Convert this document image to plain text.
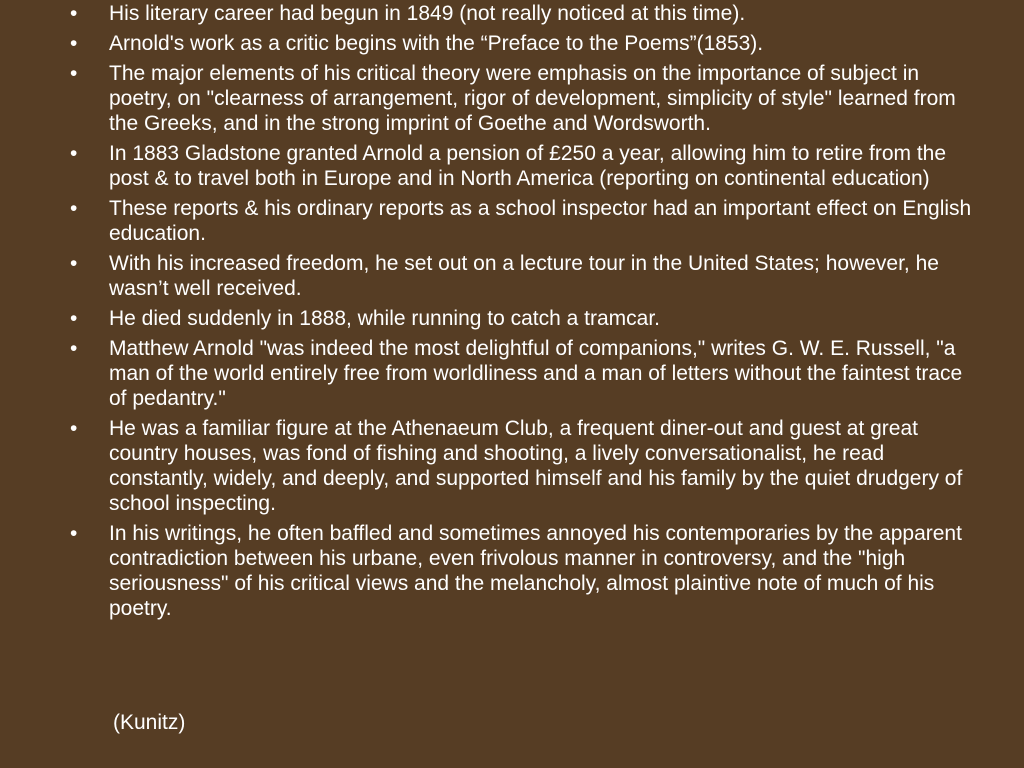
• His literary career had begun in 1849 (not really noticed at this time).
• Arnold's work as a critic begins with the “Preface to the Poems”(1853).
• The major elements of his critical theory were emphasis on the importance of subject in poetry, on "clearness of arrangement, rigor of development, simplicity of style" learned from the Greeks, and in the strong imprint of Goethe and Wordsworth.
• In 1883 Gladstone granted Arnold a pension of £250 a year, allowing him to retire from the post & to travel both in Europe and in North America (reporting on continental education)
• These reports & his ordinary reports as a school inspector had an important effect on English education.
• With his increased freedom, he set out on a lecture tour in the United States; however, he wasn’t well received.
• He died suddenly in 1888, while running to catch a tramcar.
• Matthew Arnold "was indeed the most delightful of companions," writes G. W. E. Russell, "a man of the world entirely free from worldliness and a man of letters without the faintest trace of pedantry."
• He was a familiar figure at the Athenaeum Club, a frequent diner-out and guest at great country houses, was fond of fishing and shooting, a lively conversationalist, he read constantly, widely, and deeply, and supported himself and his family by the quiet drudgery of school inspecting.
• In his writings, he often baffled and sometimes annoyed his contemporaries by the apparent contradiction between his urbane, even frivolous manner in controversy, and the "high seriousness" of his critical views and the melancholy, almost plaintive note of much of his poetry.
(Kunitz)
